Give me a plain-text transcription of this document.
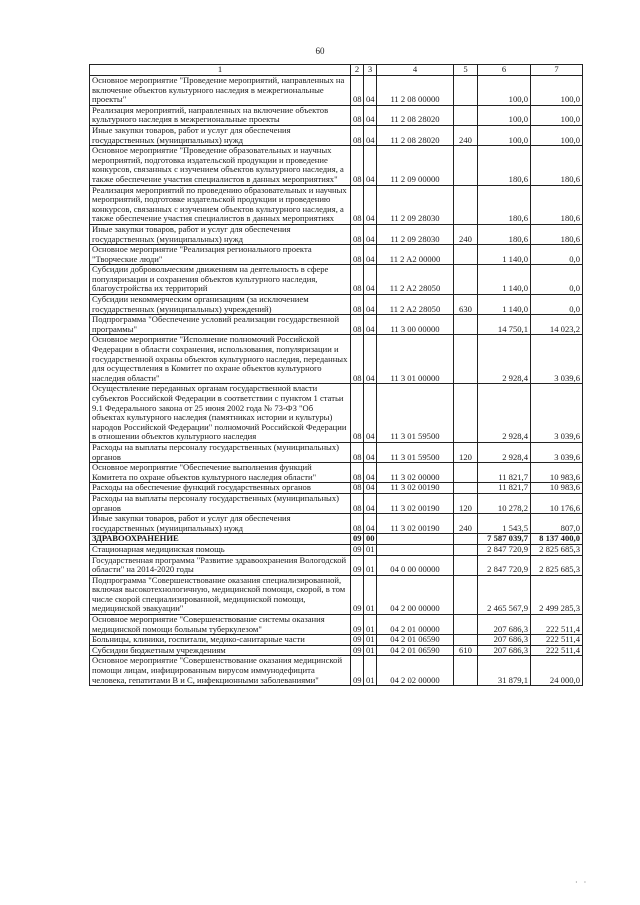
60
1	2	3	4	5	6	7
Основное мероприятие "Проведение мероприятий, направленных на включение объектов культурного наследия в межрегиональные проекты"	08	04	11 2 08 00000		100,0	100,0
Реализация мероприятий, направленных на включение объектов культурного наследия в межрегиональные проекты	08	04	11 2 08 28020		100,0	100,0
Иные закупки товаров, работ и услуг для обеспечения государственных (муниципальных) нужд	08	04	11 2 08 28020	240	100,0	100,0
Основное мероприятие "Проведение образовательных и научных мероприятий, подготовка издательской продукции и проведение конкурсов, связанных с изучением объектов культурного наследия, а также обеспечение участия специалистов в данных мероприятиях"	08	04	11 2 09 00000		180,6	180,6
Реализация мероприятий по проведению образовательных и научных мероприятий, подготовке издательской продукции и проведению конкурсов, связанных с изучением объектов культурного наследия, а также обеспечение участия специалистов в данных мероприятиях	08	04	11 2 09 28030		180,6	180,6
Иные закупки товаров, работ и услуг для обеспечения государственных (муниципальных) нужд	08	04	11 2 09 28030	240	180,6	180,6
Основное мероприятие "Реализация регионального проекта "Творческие люди"	08	04	11 2 A2 00000		1 140,0	0,0
Субсидии добровольческим движениям на деятельность в сфере популяризации и сохранения объектов культурного наследия, благоустройства их территорий	08	04	11 2 A2 28050		1 140,0	0,0
Субсидии некоммерческим организациям (за исключением государственных (муниципальных) учреждений)	08	04	11 2 A2 28050	630	1 140,0	0,0
Подпрограмма "Обеспечение условий реализации государственной программы"	08	04	11 3 00 00000		14 750,1	14 023,2
Основное мероприятие "Исполнение полномочий Российской Федерации в области сохранения, использования, популяризации и государственной охраны объектов культурного наследия, переданных для осуществления в Комитет по охране объектов культурного наследия области"	08	04	11 3 01 00000		2 928,4	3 039,6
Осуществление переданных органам государственной власти субъектов Российской Федерации в соответствии с пунктом 1 статьи 9.1 Федерального закона от 25 июня 2002 года № 73-ФЗ "Об объектах культурного наследия (памятниках истории и культуры) народов Российской Федерации" полномочий Российской Федерации в отношении объектов культурного наследия	08	04	11 3 01 59500		2 928,4	3 039,6
Расходы на выплаты персоналу государственных (муниципальных) органов	08	04	11 3 01 59500	120	2 928,4	3 039,6
Основное мероприятие "Обеспечение выполнения функций Комитета по охране объектов культурного наследия области"	08	04	11 3 02 00000		11 821,7	10 983,6
Расходы на обеспечение функций государственных органов	08	04	11 3 02 00190		11 821,7	10 983,6
Расходы на выплаты персоналу государственных (муниципальных) органов	08	04	11 3 02 00190	120	10 278,2	10 176,6
Иные закупки товаров, работ и услуг для обеспечения государственных (муниципальных) нужд	08	04	11 3 02 00190	240	1 543,5	807,0
ЗДРАВООХРАНЕНИЕ	09	00			7 587 039,7	8 137 400,0
Стационарная медицинская помощь	09	01			2 847 720,9	2 825 685,3
Государственная программа "Развитие здравоохранения Вологодской области" на 2014-2020 годы	09	01	04 0 00 00000		2 847 720,9	2 825 685,3
Подпрограмма "Совершенствование оказания специализированной, включая высокотехнологичную, медицинской помощи, скорой, в том числе скорой специализированной, медицинской помощи, медицинской эвакуации"	09	01	04 2 00 00000		2 465 567,9	2 499 285,3
Основное мероприятие "Совершенствование системы оказания медицинской помощи больным туберкулезом"	09	01	04 2 01 00000		207 686,3	222 511,4
Больницы, клиники, госпитали, медико-санитарные части	09	01	04 2 01 06590		207 686,3	222 511,4
Субсидии бюджетным учреждениям	09	01	04 2 01 06590	610	207 686,3	222 511,4
Основное мероприятие "Совершенствование оказания медицинской помощи лицам, инфицированным вирусом иммунодефицита человека, гепатитами В и С, инфекционными заболеваниями"	09	01	04 2 02 00000		31 879,1	24 000,0
· ·
